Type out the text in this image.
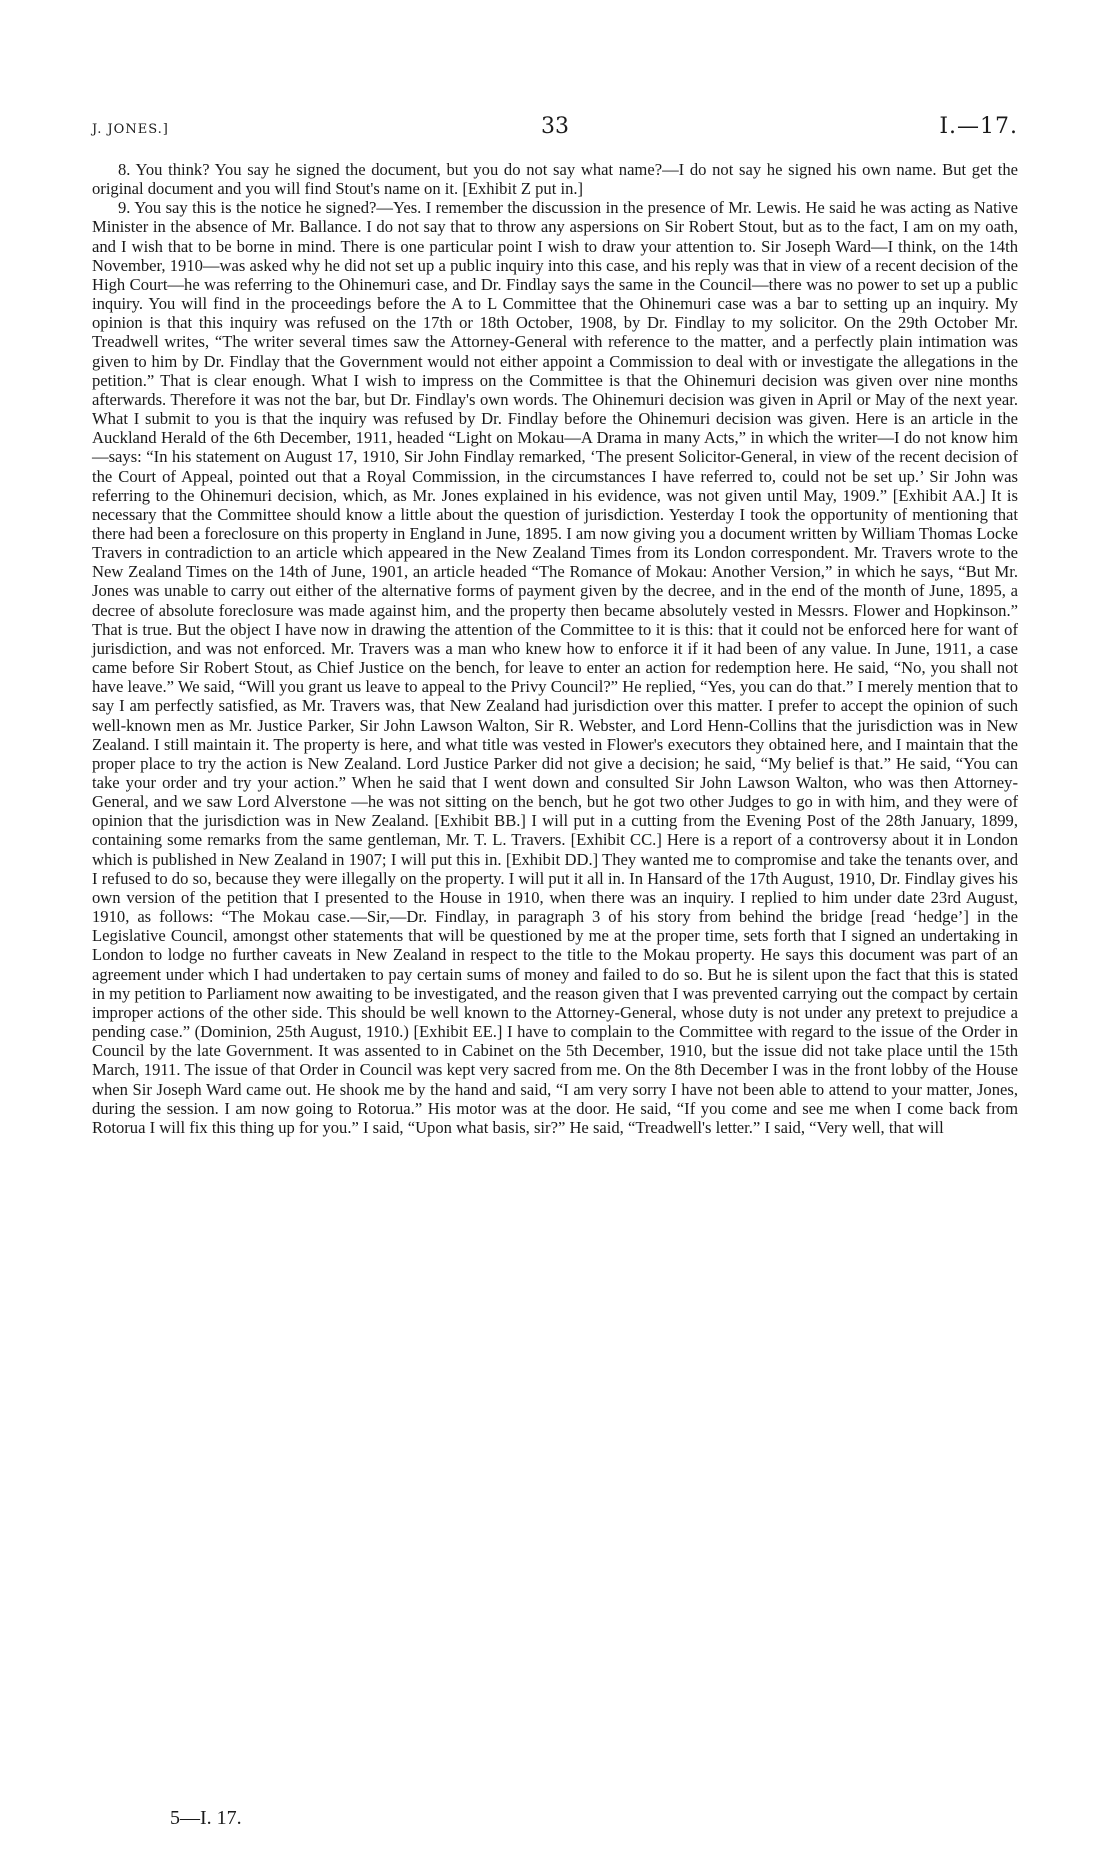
J. JONES.]	33	I.—17.

8. You think? You say he signed the document, but you do not say what name?—I do not say he signed his own name. But get the original document and you will find Stout's name on it. [Exhibit Z put in.]

9. You say this is the notice he signed?—Yes. I remember the discussion in the presence of Mr. Lewis. He said he was acting as Native Minister in the absence of Mr. Ballance. I do not say that to throw any aspersions on Sir Robert Stout, but as to the fact, I am on my oath, and I wish that to be borne in mind. There is one particular point I wish to draw your attention to. Sir Joseph Ward—I think, on the 14th November, 1910—was asked why he did not set up a public inquiry into this case, and his reply was that in view of a recent decision of the High Court—he was referring to the Ohinemuri case, and Dr. Findlay says the same in the Council—there was no power to set up a public inquiry. You will find in the proceedings before the A to L Committee that the Ohinemuri case was a bar to setting up an inquiry. My opinion is that this inquiry was refused on the 17th or 18th October, 1908, by Dr. Findlay to my solicitor. On the 29th October Mr. Treadwell writes, “The writer several times saw the Attorney-General with reference to the matter, and a perfectly plain intimation was given to him by Dr. Findlay that the Government would not either appoint a Commission to deal with or investigate the allegations in the petition.” That is clear enough. What I wish to impress on the Committee is that the Ohinemuri decision was given over nine months afterwards. Therefore it was not the bar, but Dr. Findlay's own words. The Ohinemuri decision was given in April or May of the next year. What I submit to you is that the inquiry was refused by Dr. Findlay before the Ohinemuri decision was given. Here is an article in the Auckland Herald of the 6th December, 1911, headed “Light on Mokau—A Drama in many Acts,” in which the writer—I do not know him—says: “In his statement on August 17, 1910, Sir John Findlay remarked, ‘The present Solicitor-General, in view of the recent decision of the Court of Appeal, pointed out that a Royal Commission, in the circumstances I have referred to, could not be set up.’ Sir John was referring to the Ohinemuri decision, which, as Mr. Jones explained in his evidence, was not given until May, 1909.” [Exhibit AA.] It is necessary that the Committee should know a little about the question of jurisdiction. Yesterday I took the opportunity of mentioning that there had been a foreclosure on this property in England in June, 1895. I am now giving you a document written by William Thomas Locke Travers in contradiction to an article which appeared in the New Zealand Times from its London correspondent. Mr. Travers wrote to the New Zealand Times on the 14th of June, 1901, an article headed “The Romance of Mokau: Another Version,” in which he says, “But Mr. Jones was unable to carry out either of the alternative forms of payment given by the decree, and in the end of the month of June, 1895, a decree of absolute foreclosure was made against him, and the property then became absolutely vested in Messrs. Flower and Hopkinson.” That is true. But the object I have now in drawing the attention of the Committee to it is this: that it could not be enforced here for want of jurisdiction, and was not enforced. Mr. Travers was a man who knew how to enforce it if it had been of any value. In June, 1911, a case came before Sir Robert Stout, as Chief Justice on the bench, for leave to enter an action for redemption here. He said, “No, you shall not have leave.” We said, “Will you grant us leave to appeal to the Privy Council?” He replied, “Yes, you can do that.” I merely mention that to say I am perfectly satisfied, as Mr. Travers was, that New Zealand had jurisdiction over this matter. I prefer to accept the opinion of such well-known men as Mr. Justice Parker, Sir John Lawson Walton, Sir R. Webster, and Lord Henn-Collins that the jurisdiction was in New Zealand. I still maintain it. The property is here, and what title was vested in Flower's executors they obtained here, and I maintain that the proper place to try the action is New Zealand. Lord Justice Parker did not give a decision; he said, “My belief is that.” He said, “You can take your order and try your action.” When he said that I went down and consulted Sir John Lawson Walton, who was then Attorney-General, and we saw Lord Alverstone —he was not sitting on the bench, but he got two other Judges to go in with him, and they were of opinion that the jurisdiction was in New Zealand. [Exhibit BB.] I will put in a cutting from the Evening Post of the 28th January, 1899, containing some remarks from the same gentleman, Mr. T. L. Travers. [Exhibit CC.] Here is a report of a controversy about it in London which is published in New Zealand in 1907; I will put this in. [Exhibit DD.] They wanted me to compromise and take the tenants over, and I refused to do so, because they were illegally on the property. I will put it all in. In Hansard of the 17th August, 1910, Dr. Findlay gives his own version of the petition that I presented to the House in 1910, when there was an inquiry. I replied to him under date 23rd August, 1910, as follows: “The Mokau case.—Sir,—Dr. Findlay, in paragraph 3 of his story from behind the bridge [read ‘hedge’] in the Legislative Council, amongst other statements that will be questioned by me at the proper time, sets forth that I signed an undertaking in London to lodge no further caveats in New Zealand in respect to the title to the Mokau property. He says this document was part of an agreement under which I had undertaken to pay certain sums of money and failed to do so. But he is silent upon the fact that this is stated in my petition to Parliament now awaiting to be investigated, and the reason given that I was prevented carrying out the compact by certain improper actions of the other side. This should be well known to the Attorney-General, whose duty is not under any pretext to prejudice a pending case.” (Dominion, 25th August, 1910.) [Exhibit EE.] I have to complain to the Committee with regard to the issue of the Order in Council by the late Government. It was assented to in Cabinet on the 5th December, 1910, but the issue did not take place until the 15th March, 1911. The issue of that Order in Council was kept very sacred from me. On the 8th December I was in the front lobby of the House when Sir Joseph Ward came out. He shook me by the hand and said, “I am very sorry I have not been able to attend to your matter, Jones, during the session. I am now going to Rotorua.” His motor was at the door. He said, “If you come and see me when I come back from Rotorua I will fix this thing up for you.” I said, “Upon what basis, sir?” He said, “Treadwell's letter.” I said, “Very well, that will

5—I. 17.
